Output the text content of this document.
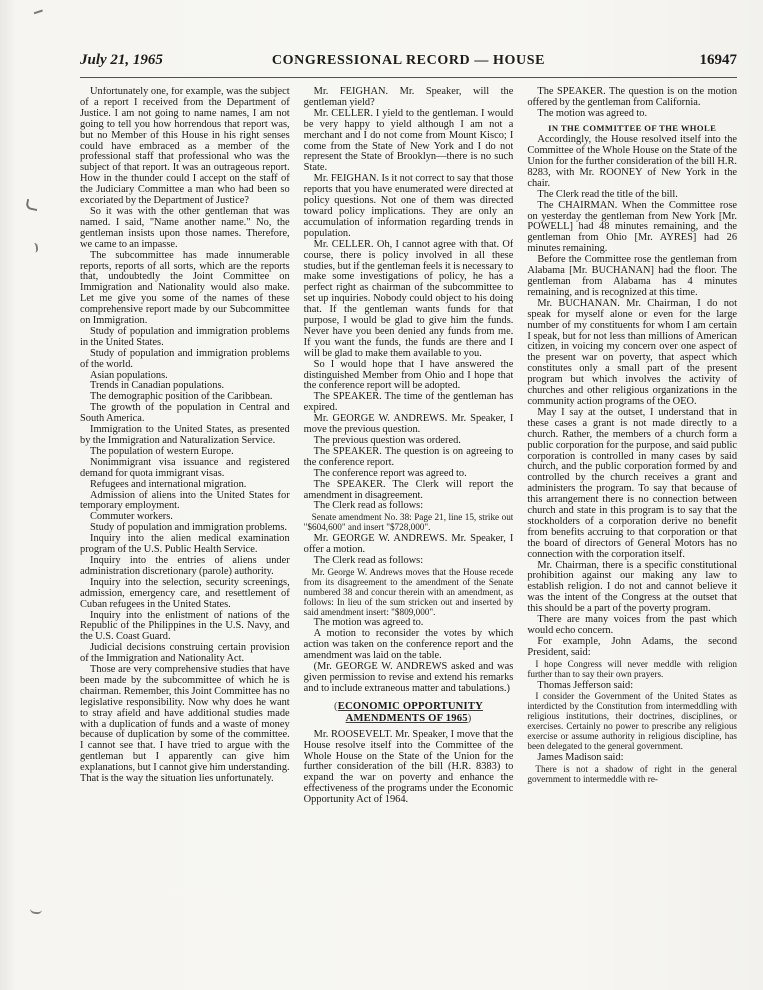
July 21, 1965	CONGRESSIONAL RECORD — HOUSE	16947

Unfortunately one, for example, was the subject of a report I received from the Department of Justice. I am not going to name names, I am not going to tell you how horrendous that report was, but no Member of this House in his right senses could have embraced as a member of the professional staff that professional who was the subject of that report. It was an outrageous report. How in the thunder could I accept on the staff of the Judiciary Committee a man who had been so excoriated by the Department of Justice?

So it was with the other gentleman that was named. I said, "Name another name." No, the gentleman insists upon those names. Therefore, we came to an impasse.

The subcommittee has made innumerable reports, reports of all sorts, which are the reports that, undoubtedly the Joint Committee on Immigration and Nationality would also make. Let me give you some of the names of these comprehensive report made by our Subcommittee on Immigration.

Study of population and immigration problems in the United States.

Study of population and immigration problems of the world.

Asian populations.

Trends in Canadian populations.

The demographic position of the Caribbean.

The growth of the population in Central and South America.

Immigration to the United States, as presented by the Immigration and Naturalization Service.

The population of western Europe.

Nonimmigrant visa issuance and registered demand for quota immigrant visas.

Refugees and international migration.

Admission of aliens into the United States for temporary employment.

Commuter workers.

Study of population and immigration problems.

Inquiry into the alien medical examination program of the U.S. Public Health Service.

Inquiry into the entries of aliens under administration discretionary (parole) authority.

Inquiry into the selection, security screenings, admission, emergency care, and resettlement of Cuban refugees in the United States.

Inquiry into the enlistment of nations of the Republic of the Philippines in the U.S. Navy, and the U.S. Coast Guard.

Judicial decisions construing certain provision of the Immigration and Nationality Act.

Those are very comprehensive studies that have been made by the subcommittee of which he is chairman. Remember, this Joint Committee has no legislative responsibility. Now why does he want to stray afield and have additional studies made with a duplication of funds and a waste of money because of duplication by some of the committee. I cannot see that. I have tried to argue with the gentleman but I apparently can give him explanations, but I cannot give him understanding. That is the way the situation lies unfortunately.

Mr. FEIGHAN. Mr. Speaker, will the gentleman yield?

Mr. CELLER. I yield to the gentleman. I would be very happy to yield although I am not a merchant and I do not come from Mount Kisco; I come from the State of New York and I do not represent the State of Brooklyn—there is no such State.

Mr. FEIGHAN. Is it not correct to say that those reports that you have enumerated were directed at policy questions. Not one of them was directed toward policy implications. They are only an accumulation of information regarding trends in population.

Mr. CELLER. Oh, I cannot agree with that. Of course, there is policy involved in all these studies, but if the gentleman feels it is necessary to make some investigations of policy, he has a perfect right as chairman of the subcommittee to set up inquiries. Nobody could object to his doing that. If the gentleman wants funds for that purpose, I would be glad to give him the funds. Never have you been denied any funds from me. If you want the funds, the funds are there and I will be glad to make them available to you.

So I would hope that I have answered the distinguished Member from Ohio and I hope that the conference report will be adopted.

The SPEAKER. The time of the gentleman has expired.

Mr. GEORGE W. ANDREWS. Mr. Speaker, I move the previous question.

The previous question was ordered.

The SPEAKER. The question is on agreeing to the conference report.

The conference report was agreed to.

The SPEAKER. The Clerk will report the amendment in disagreement.

The Clerk read as follows:

Senate amendment No. 38: Page 21, line 15, strike out "$604,600" and insert "$728,000".

Mr. GEORGE W. ANDREWS. Mr. Speaker, I offer a motion.

The Clerk read as follows:

Mr. George W. Andrews moves that the House recede from its disagreement to the amendment of the Senate numbered 38 and concur therein with an amendment, as follows: In lieu of the sum stricken out and inserted by said amendment insert: "$809,000".

The motion was agreed to.

A motion to reconsider the votes by which action was taken on the conference report and the amendment was laid on the table.

(Mr. GEORGE W. ANDREWS asked and was given permission to revise and extend his remarks and to include extraneous matter and tabulations.)

(ECONOMIC OPPORTUNITY AMENDMENTS OF 1965)

Mr. ROOSEVELT. Mr. Speaker, I move that the House resolve itself into the Committee of the Whole House on the State of the Union for the further consideration of the bill (H.R. 8383) to expand the war on poverty and enhance the effectiveness of the programs under the Economic Opportunity Act of 1964.

The SPEAKER. The question is on the motion offered by the gentleman from California.

The motion was agreed to.

IN THE COMMITTEE OF THE WHOLE

Accordingly, the House resolved itself into the Committee of the Whole House on the State of the Union for the further consideration of the bill H.R. 8283, with Mr. ROONEY of New York in the chair.

The Clerk read the title of the bill.

The CHAIRMAN. When the Committee rose on yesterday the gentleman from New York [Mr. POWELL] had 48 minutes remaining, and the gentleman from Ohio [Mr. AYRES] had 26 minutes remaining.

Before the Committee rose the gentleman from Alabama [Mr. BUCHANAN] had the floor. The gentleman from Alabama has 4 minutes remaining, and is recognized at this time.

Mr. BUCHANAN. Mr. Chairman, I do not speak for myself alone or even for the large number of my constituents for whom I am certain I speak, but for not less than millions of American citizen, in voicing my concern over one aspect of the present war on poverty, that aspect which constitutes only a small part of the present program but which involves the activity of churches and other religious organizations in the community action programs of the OEO.

May I say at the outset, I understand that in these cases a grant is not made directly to a church. Rather, the members of a church form a public corporation for the purpose, and said public corporation is controlled in many cases by said church, and the public corporation formed by and controlled by the church receives a grant and administers the program. To say that because of this arrangement there is no connection between church and state in this program is to say that the stockholders of a corporation derive no benefit from benefits accruing to that corporation or that the board of directors of General Motors has no connection with the corporation itself.

Mr. Chairman, there is a specific constitutional prohibition against our making any law to establish religion. I do not and cannot believe it was the intent of the Congress at the outset that this should be a part of the poverty program.

There are many voices from the past which would echo concern.

For example, John Adams, the second President, said:

I hope Congress will never meddle with religion further than to say their own prayers.

Thomas Jefferson said:

I consider the Government of the United States as interdicted by the Constitution from intermeddling with religious institutions, their doctrines, disciplines, or exercises. Certainly no power to prescribe any religious exercise or assume authority in religious discipline, has been delegated to the general government.

James Madison said:

There is not a shadow of right in the general government to intermeddle with re-
